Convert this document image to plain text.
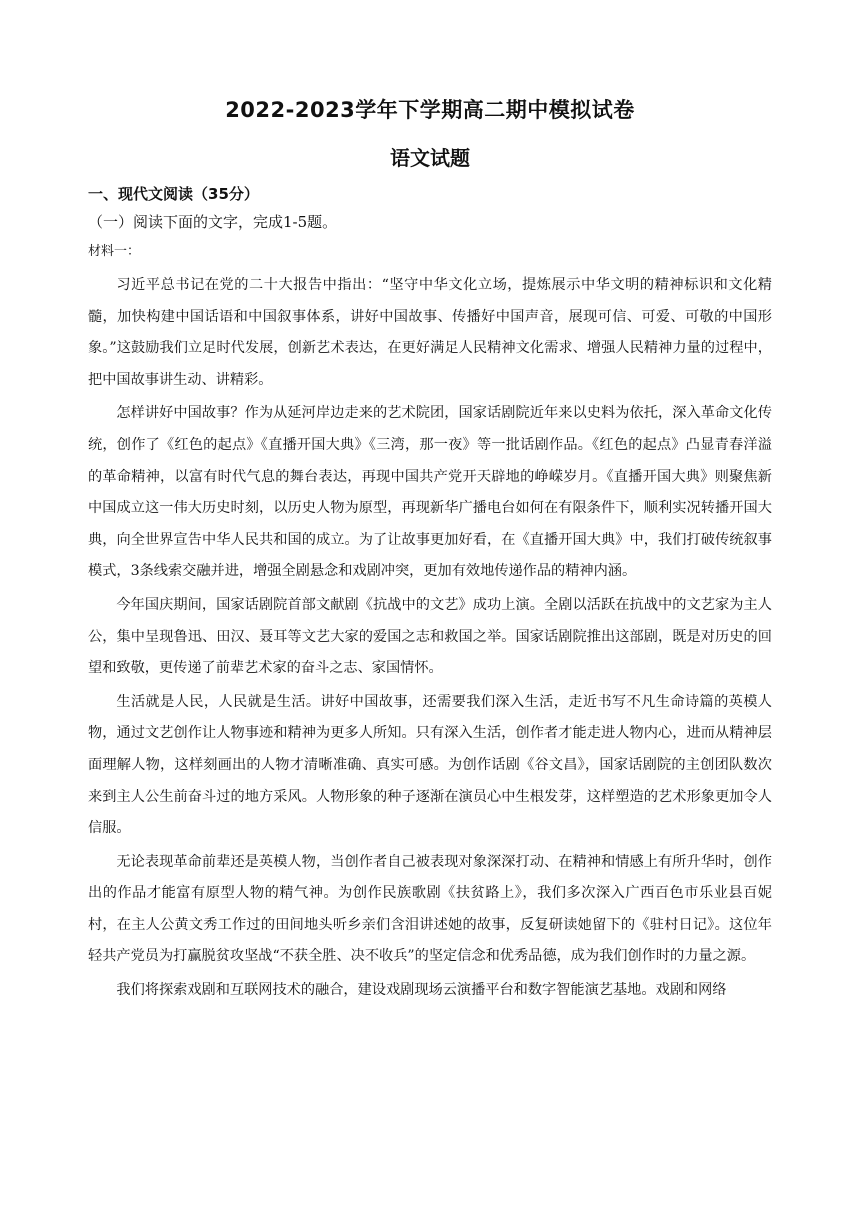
2022-2023学年下学期高二期中模拟试卷
语文试题
一、现代文阅读（35分）
（一）阅读下面的文字，完成1-5题。
材料一：

习近平总书记在党的二十大报告中指出：“坚守中华文化立场，提炼展示中华文明的精神标识和文化精髓，加快构建中国话语和中国叙事体系，讲好中国故事、传播好中国声音，展现可信、可爱、可敬的中国形象。”这鼓励我们立足时代发展，创新艺术表达，在更好满足人民精神文化需求、增强人民精神力量的过程中，把中国故事讲生动、讲精彩。

怎样讲好中国故事？作为从延河岸边走来的艺术院团，国家话剧院近年来以史料为依托，深入革命文化传统，创作了《红色的起点》《直播开国大典》《三湾，那一夜》等一批话剧作品。《红色的起点》凸显青春洋溢的革命精神，以富有时代气息的舞台表达，再现中国共产党开天辟地的峥嵘岁月。《直播开国大典》则聚焦新中国成立这一伟大历史时刻，以历史人物为原型，再现新华广播电台如何在有限条件下，顺利实况转播开国大典，向全世界宣告中华人民共和国的成立。为了让故事更加好看，在《直播开国大典》中，我们打破传统叙事模式，3条线索交融并进，增强全剧悬念和戏剧冲突，更加有效地传递作品的精神内涵。

今年国庆期间，国家话剧院首部文献剧《抗战中的文艺》成功上演。全剧以活跃在抗战中的文艺家为主人公，集中呈现鲁迅、田汉、聂耳等文艺大家的爱国之志和救国之举。国家话剧院推出这部剧，既是对历史的回望和致敬，更传递了前辈艺术家的奋斗之志、家国情怀。

生活就是人民，人民就是生活。讲好中国故事，还需要我们深入生活，走近书写不凡生命诗篇的英模人物，通过文艺创作让人物事迹和精神为更多人所知。只有深入生活，创作者才能走进人物内心，进而从精神层面理解人物，这样刻画出的人物才清晰准确、真实可感。为创作话剧《谷文昌》，国家话剧院的主创团队数次来到主人公生前奋斗过的地方采风。人物形象的种子逐渐在演员心中生根发芽，这样塑造的艺术形象更加令人信服。

无论表现革命前辈还是英模人物，当创作者自己被表现对象深深打动、在精神和情感上有所升华时，创作出的作品才能富有原型人物的精气神。为创作民族歌剧《扶贫路上》，我们多次深入广西百色市乐业县百妮村，在主人公黄文秀工作过的田间地头听乡亲们含泪讲述她的故事，反复研读她留下的《驻村日记》。这位年轻共产党员为打赢脱贫攻坚战“不获全胜、决不收兵”的坚定信念和优秀品德，成为我们创作时的力量之源。

我们将探索戏剧和互联网技术的融合，建设戏剧现场云演播平台和数字智能演艺基地。戏剧和网络
